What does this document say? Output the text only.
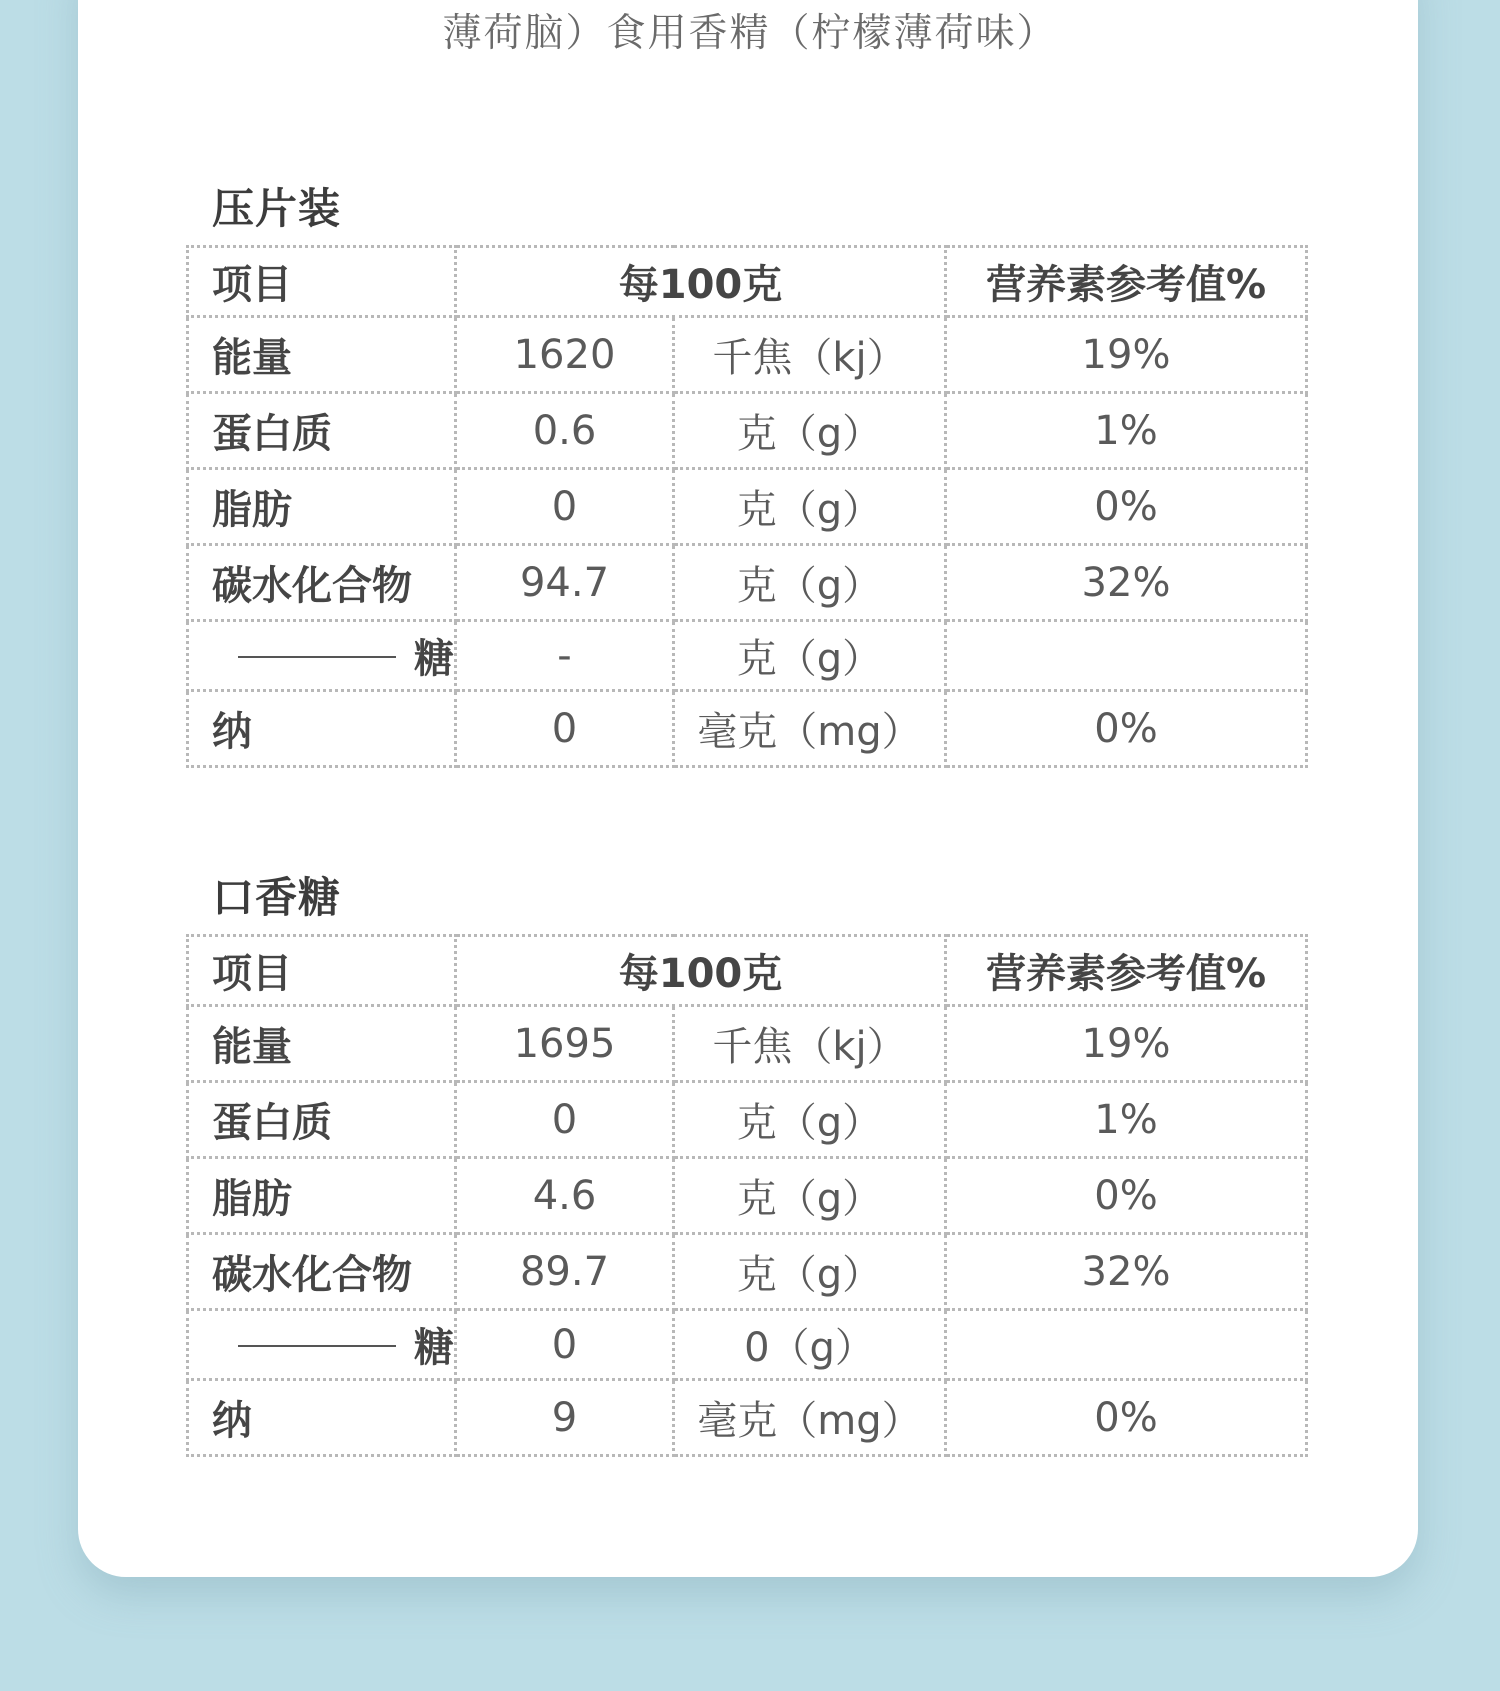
薄荷脑）食用香精（柠檬薄荷味）
压片装
项目	每100克		营养素参考值%
能量	1620	千焦（kj）	19%
蛋白质	0.6	克（g）	1%
脂肪	0	克（g）	0%
碳水化合物	94.7	克（g）	32%
糖	-	克（g）	
纳	0	毫克（mg）	0%
口香糖
项目	每100克		营养素参考值%
能量	1695	千焦（kj）	19%
蛋白质	0	克（g）	1%
脂肪	4.6	克（g）	0%
碳水化合物	89.7	克（g）	32%
糖	0	0（g）	
纳	9	毫克（mg）	0%
